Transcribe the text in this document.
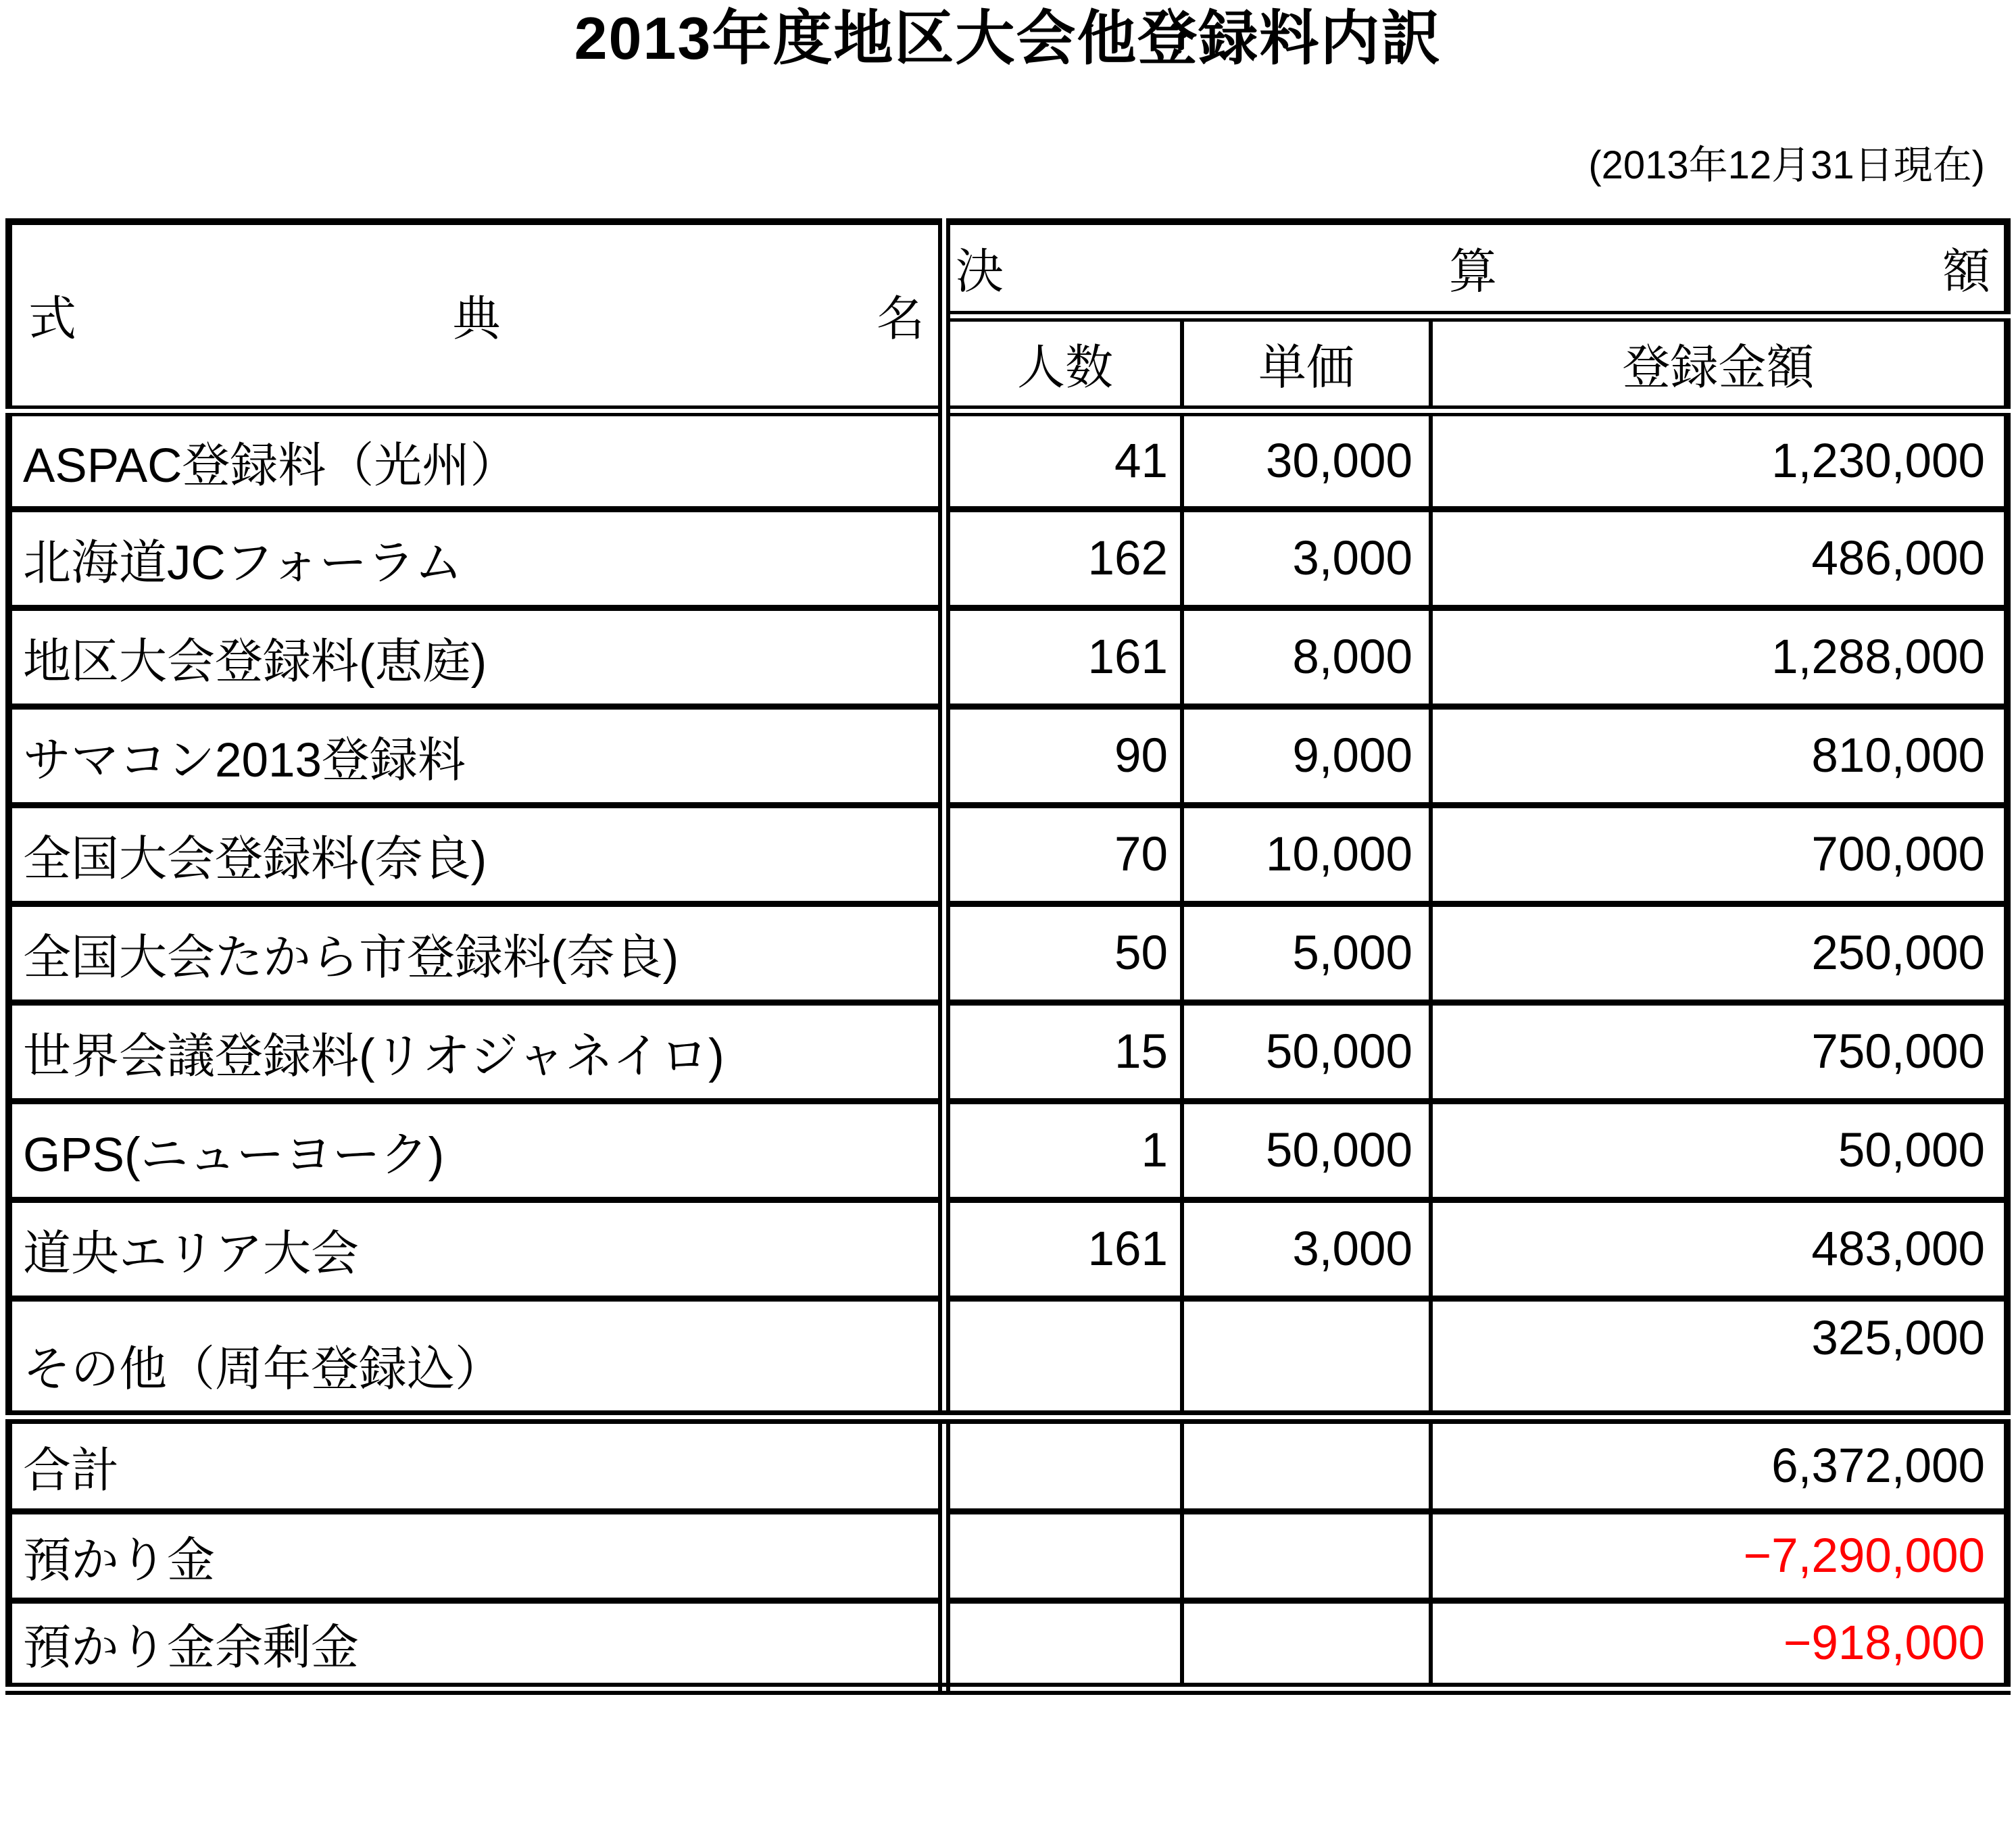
2013年度地区大会他登録料内訳
(2013年12月31日現在)
式 典 名	決 算 額		

	人数	単価	登録金額
ASPAC登録料（光州）	41	30,000	1,230,000
北海道JCフォーラム	162	3,000	486,000
地区大会登録料(恵庭)	161	8,000	1,288,000
サマコン2013登録料	90	9,000	810,000
全国大会登録料(奈良)	70	10,000	700,000
全国大会たから市登録料(奈良)	50	5,000	250,000
世界会議登録料(リオジャネイロ)	15	50,000	750,000
GPS(ニューヨーク)	1	50,000	50,000
道央エリア大会	161	3,000	483,000
その他（周年登録込）			325,000
合計			6,372,000
預かり金			−7,290,000
預かり金余剰金			−918,000
